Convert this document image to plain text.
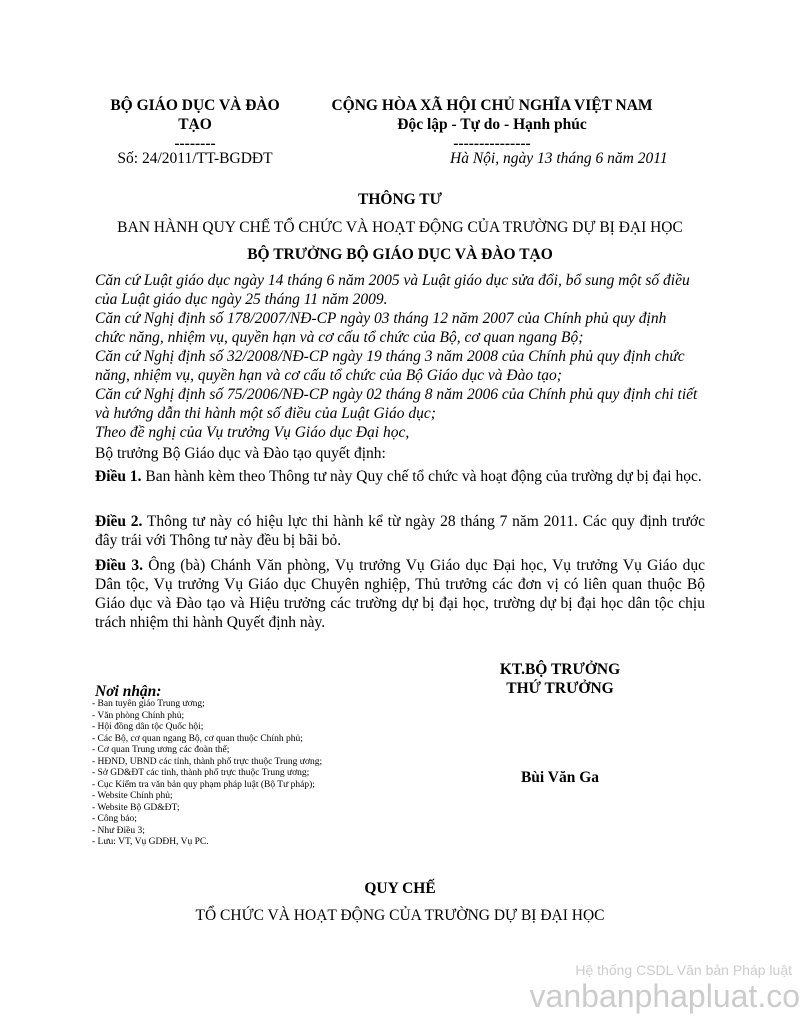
BỘ GIÁO DỤC VÀ ĐÀO
TẠO
--------
Số: 24/2011/TT-BGDĐT
CỘNG HÒA XÃ HỘI CHỦ NGHĨA VIỆT NAM
Độc lập - Tự do - Hạnh phúc
---------------
Hà Nội, ngày 13 tháng 6 năm 2011
THÔNG TƯ
BAN HÀNH QUY CHẾ TỔ CHỨC VÀ HOẠT ĐỘNG CỦA TRƯỜNG DỰ BỊ ĐẠI HỌC
BỘ TRƯỞNG BỘ GIÁO DỤC VÀ ĐÀO TẠO
Căn cứ Luật giáo dục ngày 14 tháng 6 năm 2005 và Luật giáo dục sửa đổi, bổ sung một số điều
của Luật giáo dục ngày 25 tháng 11 năm 2009.
Căn cứ Nghị định số 178/2007/NĐ-CP ngày 03 tháng 12 năm 2007 của Chính phủ quy định
chức năng, nhiệm vụ, quyền hạn và cơ cấu tổ chức của Bộ, cơ quan ngang Bộ;
Căn cứ Nghị định số 32/2008/NĐ-CP ngày 19 tháng 3 năm 2008 của Chính phủ quy định chức
năng, nhiệm vụ, quyền hạn và cơ cấu tổ chức của Bộ Giáo dục và Đào tạo;
Căn cứ Nghị định số 75/2006/NĐ-CP ngày 02 tháng 8 năm 2006 của Chính phủ quy định chi tiết
và hướng dẫn thi hành một số điều của Luật Giáo dục;
Theo đề nghị của Vụ trưởng Vụ Giáo dục Đại học,
Bộ trưởng Bộ Giáo dục và Đào tạo quyết định:
Điều 1. Ban hành kèm theo Thông tư này Quy chế tổ chức và hoạt động của trường dự bị đại học.
Điều 2. Thông tư này có hiệu lực thi hành kể từ ngày 28 tháng 7 năm 2011. Các quy định trước đây trái với Thông tư này đều bị bãi bỏ.
Điều 3. Ông (bà) Chánh Văn phòng, Vụ trưởng Vụ Giáo dục Đại học, Vụ trưởng Vụ Giáo dục Dân tộc, Vụ trưởng Vụ Giáo dục Chuyên nghiệp, Thủ trưởng các đơn vị có liên quan thuộc Bộ Giáo dục và Đào tạo và Hiệu trưởng các trường dự bị đại học, trường dự bị đại học dân tộc chịu trách nhiệm thi hành Quyết định này.
KT.BỘ TRƯỞNG
THỨ TRƯỞNG
Bùi Văn Ga
Nơi nhận:
- Ban tuyên giáo Trung ương;
- Văn phòng Chính phủ;
- Hội đồng dân tộc Quốc hội;
- Các Bộ, cơ quan ngang Bộ, cơ quan thuộc Chính phủ;
- Cơ quan Trung ương các đoàn thể;
- HĐND, UBND các tỉnh, thành phố trực thuộc Trung ương;
- Sở GD&ĐT các tỉnh, thành phố trực thuộc Trung ương;
- Cục Kiểm tra văn bản quy phạm pháp luật (Bộ Tư pháp);
- Website Chính phủ;
- Website Bộ GD&ĐT;
- Công báo;
- Như Điều 3;
- Lưu: VT, Vụ GDĐH, Vụ PC.
QUY CHẾ
TỔ CHỨC VÀ HOẠT ĐỘNG CỦA TRƯỜNG DỰ BỊ ĐẠI HỌC
Hệ thống CSDL Văn bản Pháp luật
vanbanphapluat.co
